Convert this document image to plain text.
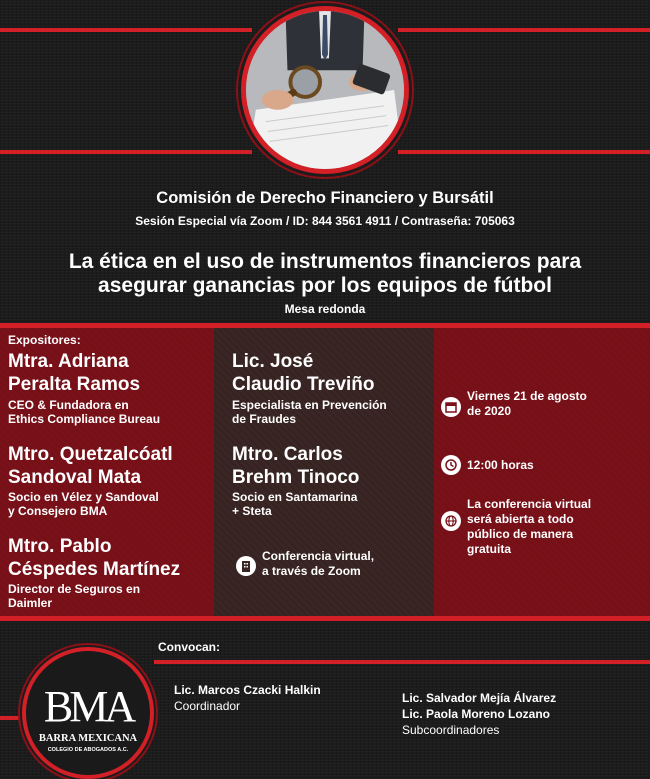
Comisión de Derecho Financiero y Bursátil
Sesión Especial vía Zoom / ID: 844 3561 4911 / Contraseña: 705063
La ética en el uso de instrumentos financieros para
asegurar ganancias por los equipos de fútbol
Mesa redonda
Expositores:
Mtra. Adriana
Peralta Ramos
CEO & Fundadora en
Ethics Compliance Bureau
Mtro. Quetzalcóatl
Sandoval Mata
Socio en Vélez y Sandoval
y Consejero BMA
Mtro. Pablo
Céspedes Martínez
Director de Seguros en
Daimler
Lic. José
Claudio Treviño
Especialista en Prevención
de Fraudes
Mtro. Carlos
Brehm Tinoco
Socio en Santamarina
+ Steta
Conferencia virtual,
a través de Zoom
Viernes 21 de agosto
de 2020
12:00 horas
La conferencia virtual
será abierta a todo
público de manera
gratuita
Convocan:
BMA
BARRA MEXICANA
COLEGIO DE ABOGADOS A.C.
Lic. Marcos Czacki Halkin
Coordinador
Lic. Salvador Mejía Álvarez
Lic. Paola Moreno Lozano
Subcoordinadores
